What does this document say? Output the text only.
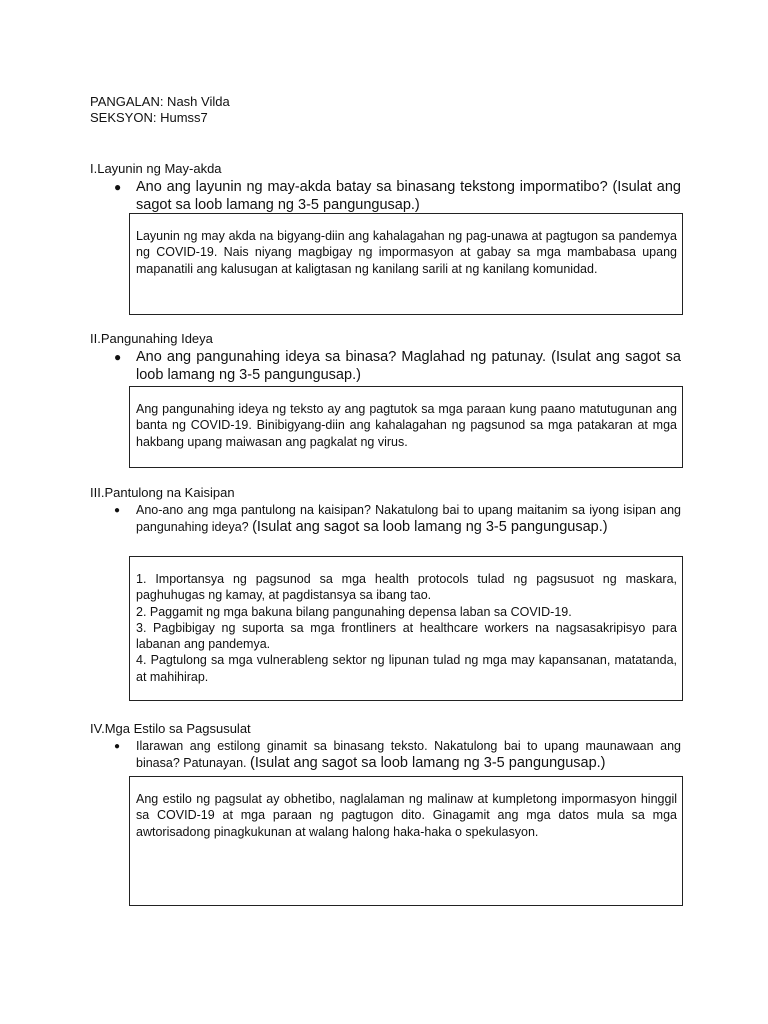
PANGALAN: Nash Vilda
SEKSYON: Humss7
I.Layunin ng May-akda
● Ano ang layunin ng may-akda batay sa binasang tekstong impormatibo? (Isulat ang sagot sa loob lamang ng 3-5 pangungusap.)

Layunin ng may akda na bigyang-diin ang kahalagahan ng pag-unawa at pagtugon sa pandemya ng COVID-19. Nais niyang magbigay ng impormasyon at gabay sa mga mambabasa upang mapanatili ang kalusugan at kaligtasan ng kanilang sarili at ng kanilang komunidad.

II.Pangunahing Ideya
● Ano ang pangunahing ideya sa binasa? Maglahad ng patunay. (Isulat ang sagot sa loob lamang ng 3-5 pangungusap.)

Ang pangunahing ideya ng teksto ay ang pagtutok sa mga paraan kung paano matutugunan ang banta ng COVID-19. Binibigyang-diin ang kahalagahan ng pagsunod sa mga patakaran at mga hakbang upang maiwasan ang pagkalat ng virus.

III.Pantulong na Kaisipan
● Ano-ano ang mga pantulong na kaisipan? Nakatulong bai to upang maitanim sa iyong isipan ang pangunahing ideya? (Isulat ang sagot sa loob lamang ng 3-5 pangungusap.)

1. Importansya ng pagsunod sa mga health protocols tulad ng pagsusuot ng maskara, paghuhugas ng kamay, at pagdistansya sa ibang tao.

2. Paggamit ng mga bakuna bilang pangunahing depensa laban sa COVID-19.

3. Pagbibigay ng suporta sa mga frontliners at healthcare workers na nagsasakripisyo para labanan ang pandemya.

4. Pagtulong sa mga vulnerableng sektor ng lipunan tulad ng mga may kapansanan, matatanda, at mahihirap.

IV.Mga Estilo sa Pagsusulat
● Ilarawan ang estilong ginamit sa binasang teksto. Nakatulong bai to upang maunawaan ang binasa? Patunayan. (Isulat ang sagot sa loob lamang ng 3-5 pangungusap.)

Ang estilo ng pagsulat ay obhetibo, naglalaman ng malinaw at kumpletong impormasyon hinggil sa COVID-19 at mga paraan ng pagtugon dito. Ginagamit ang mga datos mula sa mga awtorisadong pinagkukunan at walang halong haka-haka o spekulasyon.
